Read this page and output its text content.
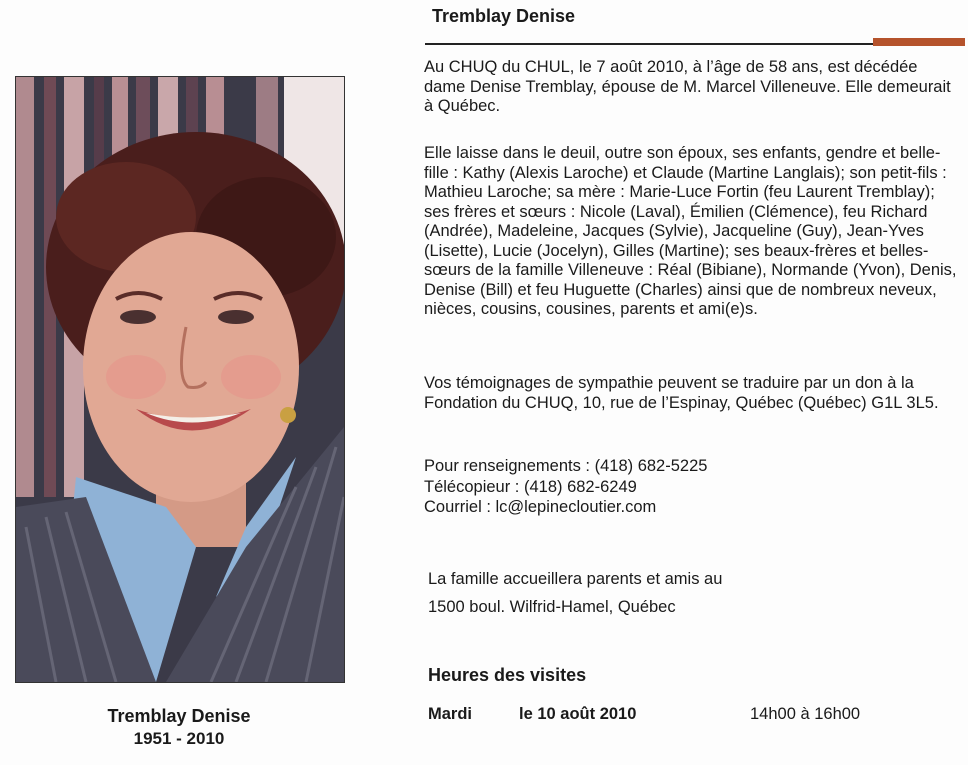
Tremblay Denise
1951 - 2010
Tremblay Denise

Au CHUQ du CHUL, le 7 août 2010, à l’âge de 58 ans, est décédée dame Denise Tremblay, épouse de M. Marcel Villeneuve. Elle demeurait à Québec.

Elle laisse dans le deuil, outre son époux, ses enfants, gendre et belle-fille : Kathy (Alexis Laroche) et Claude (Martine Langlais); son petit-fils : Mathieu Laroche; sa mère : Marie-Luce Fortin (feu Laurent Tremblay); ses frères et sœurs : Nicole (Laval), Émilien (Clémence), feu Richard (Andrée), Madeleine, Jacques (Sylvie), Jacqueline (Guy), Jean-Yves (Lisette), Lucie (Jocelyn), Gilles (Martine); ses beaux-frères et belles-sœurs de la famille Villeneuve : Réal (Bibiane), Normande (Yvon), Denis, Denise (Bill) et feu Huguette (Charles) ainsi que de nombreux neveux, nièces, cousins, cousines, parents et ami(e)s.

Vos témoignages de sympathie peuvent se traduire par un don à la Fondation du CHUQ, 10, rue de l’Espinay, Québec (Québec) G1L 3L5.

Pour renseignements : (418) 682-5225
Télécopieur : (418) 682-6249
Courriel : lc@lepinecloutier.com
La famille accueillera parents et amis au
1500 boul. Wilfrid-Hamel, Québec
Heures des visites
Mardi	le 10 août 2010	14h00 à 16h00
